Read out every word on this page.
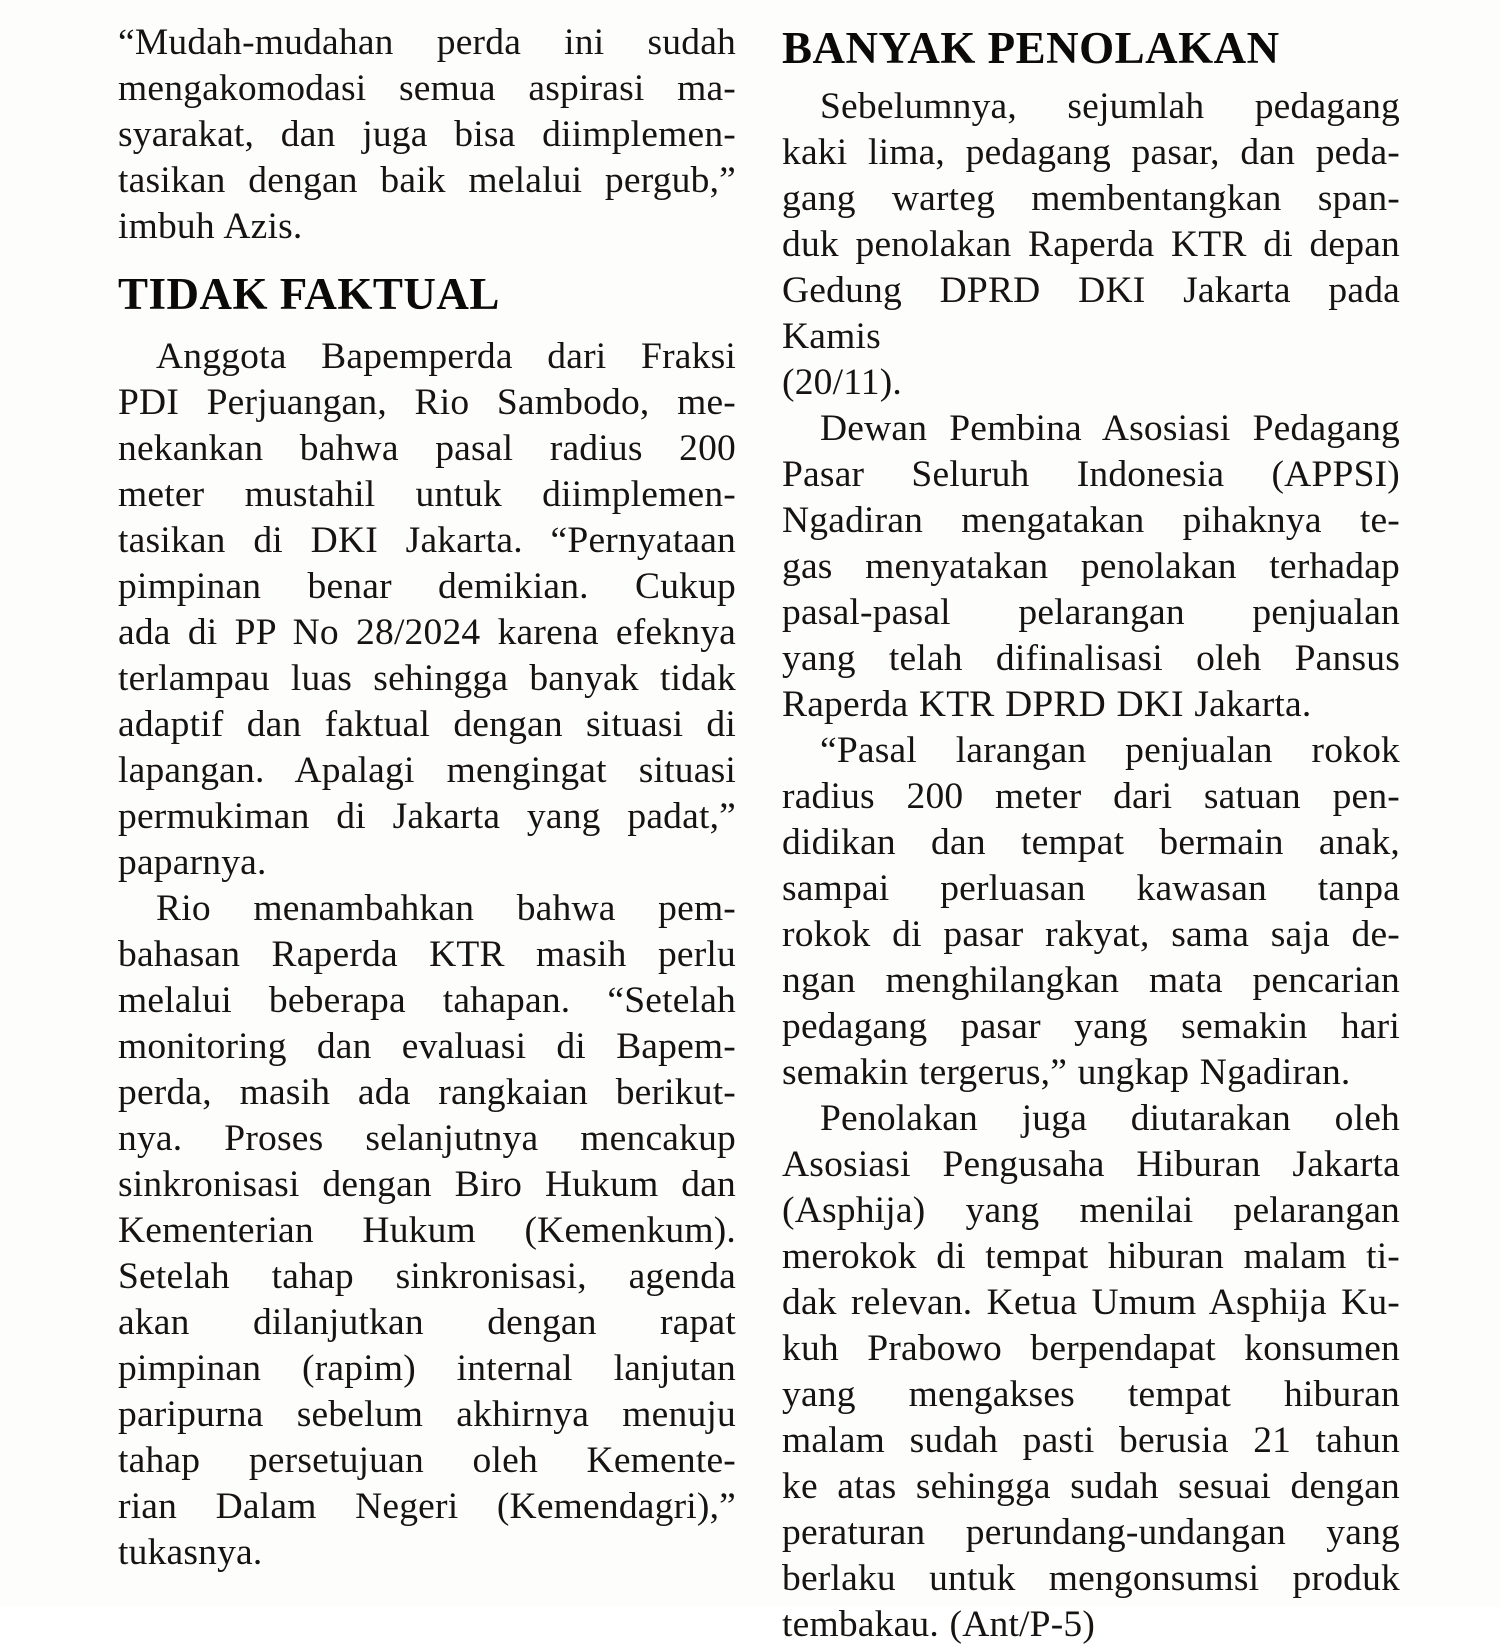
“Mudah-mudahan perda ini sudah
mengakomodasi semua aspirasi ma-
syarakat, dan juga bisa diimplemen-
tasikan dengan baik melalui pergub,”
imbuh Azis.

TIDAK FAKTUAL

Anggota Bapemperda dari Fraksi
PDI Perjuangan, Rio Sambodo, me-
nekankan bahwa pasal radius 200
meter mustahil untuk diimplemen-
tasikan di DKI Jakarta. “Pernyataan
pimpinan benar demikian. Cukup
ada di PP No 28/2024 karena efeknya
terlampau luas sehingga banyak tidak
adaptif dan faktual dengan situasi di
lapangan. Apalagi mengingat situasi
permukiman di Jakarta yang padat,”
paparnya.

Rio menambahkan bahwa pem-
bahasan Raperda KTR masih perlu
melalui beberapa tahapan. “Setelah
monitoring dan evaluasi di Bapem-
perda, masih ada rangkaian berikut-
nya. Proses selanjutnya mencakup
sinkronisasi dengan Biro Hukum dan
Kementerian Hukum (Kemenkum).
Setelah tahap sinkronisasi, agenda
akan dilanjutkan dengan rapat
pimpinan (rapim) internal lanjutan
paripurna sebelum akhirnya menuju
tahap persetujuan oleh Kemente-
rian Dalam Negeri (Kemendagri),”
tukasnya.

BANYAK PENOLAKAN

Sebelumnya, sejumlah pedagang
kaki lima, pedagang pasar, dan peda-
gang warteg membentangkan span-
duk penolakan Raperda KTR di depan
Gedung DPRD DKI Jakarta pada Kamis
(20/11).

Dewan Pembina Asosiasi Pedagang
Pasar Seluruh Indonesia (APPSI)
Ngadiran mengatakan pihaknya te-
gas menyatakan penolakan terhadap
pasal-pasal pelarangan penjualan
yang telah difinalisasi oleh Pansus
Raperda KTR DPRD DKI Jakarta.

“Pasal larangan penjualan rokok
radius 200 meter dari satuan pen-
didikan dan tempat bermain anak,
sampai perluasan kawasan tanpa
rokok di pasar rakyat, sama saja de-
ngan menghilangkan mata pencarian
pedagang pasar yang semakin hari
semakin tergerus,” ungkap Ngadiran.

Penolakan juga diutarakan oleh
Asosiasi Pengusaha Hiburan Jakarta
(Asphija) yang menilai pelarangan
merokok di tempat hiburan malam ti-
dak relevan. Ketua Umum Asphija Ku-
kuh Prabowo berpendapat konsumen
yang mengakses tempat hiburan
malam sudah pasti berusia 21 tahun
ke atas sehingga sudah sesuai dengan
peraturan perundang-undangan yang
berlaku untuk mengonsumsi produk
tembakau. (Ant/P-5)
